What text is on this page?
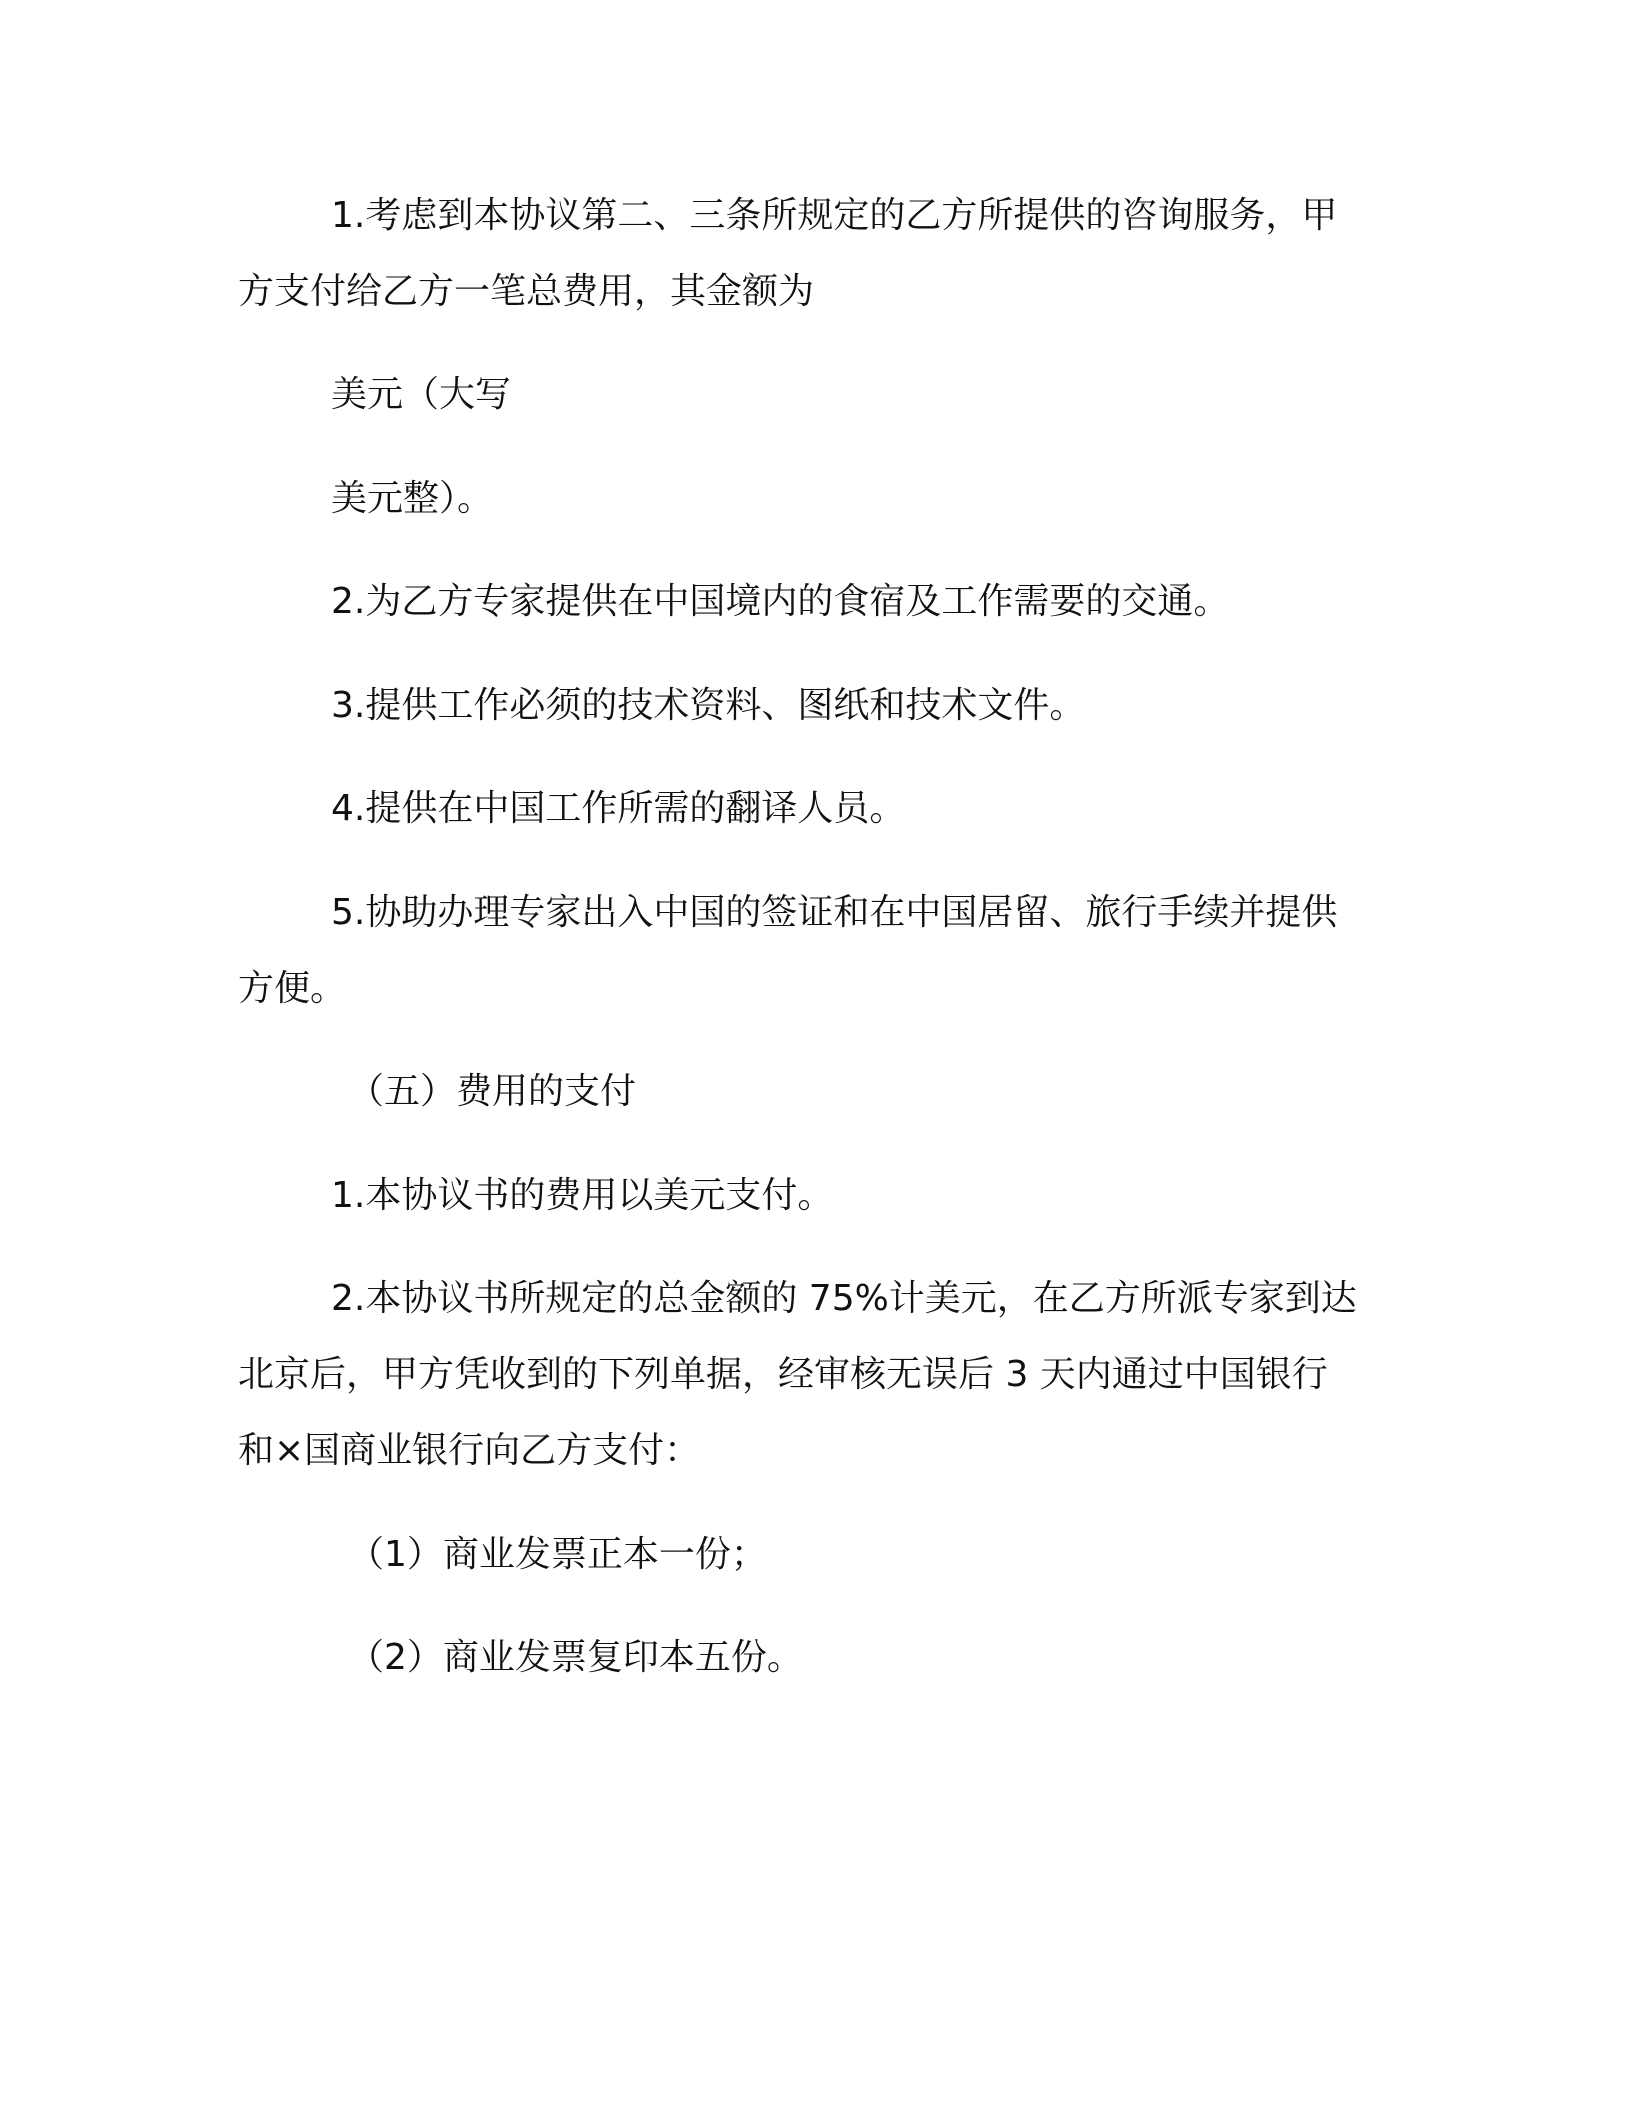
1.考虑到本协议第二、三条所规定的乙方所提供的咨询服务，甲
方支付给乙方一笔总费用，其金额为
美元（大写
美元整）。
2.为乙方专家提供在中国境内的食宿及工作需要的交通。
3.提供工作必须的技术资料、图纸和技术文件。
4.提供在中国工作所需的翻译人员。
5.协助办理专家出入中国的签证和在中国居留、旅行手续并提供
方便。
（五）费用的支付
1.本协议书的费用以美元支付。
2.本协议书所规定的总金额的 75%计美元，在乙方所派专家到达
北京后，甲方凭收到的下列单据，经审核无误后 3 天内通过中国银行
和×国商业银行向乙方支付：
（1）商业发票正本一份；
（2）商业发票复印本五份。
